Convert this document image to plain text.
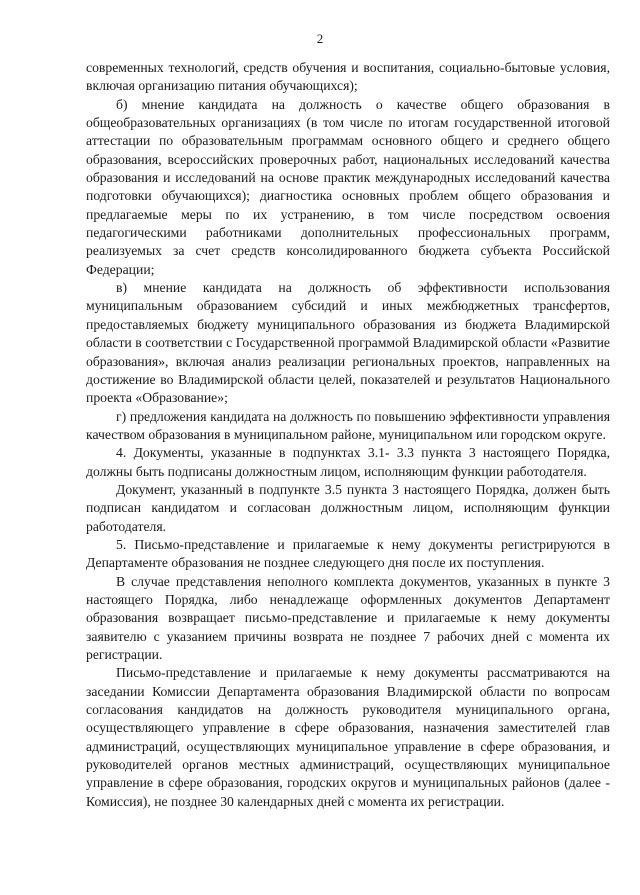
2

современных технологий, средств обучения и воспитания, социально-бытовые условия, включая организацию питания обучающихся);

б) мнение кандидата на должность о качестве общего образования в общеобразовательных организациях (в том числе по итогам государственной итоговой аттестации по образовательным программам основного общего и среднего общего образования, всероссийских проверочных работ, национальных исследований качества образования и исследований на основе практик международных исследований качества подготовки обучающихся); диагностика основных проблем общего образования и предлагаемые меры по их устранению, в том числе посредством освоения педагогическими работниками дополнительных профессиональных программ, реализуемых за счет средств консолидированного бюджета субъекта Российской Федерации;

в) мнение кандидата на должность об эффективности использования муниципальным образованием субсидий и иных межбюджетных трансфертов, предоставляемых бюджету муниципального образования из бюджета Владимирской области в соответствии с Государственной программой Владимирской области «Развитие образования», включая анализ реализации региональных проектов, направленных на достижение во Владимирской области целей, показателей и результатов Национального проекта «Образование»;

г) предложения кандидата на должность по повышению эффективности управления качеством образования в муниципальном районе, муниципальном или городском округе.

4. Документы, указанные в подпунктах 3.1- 3.3 пункта 3 настоящего Порядка, должны быть подписаны должностным лицом, исполняющим функции работодателя.

Документ, указанный в подпункте 3.5 пункта 3 настоящего Порядка, должен быть подписан кандидатом и согласован должностным лицом, исполняющим функции работодателя.

5. Письмо-представление и прилагаемые к нему документы регистрируются в Департаменте образования не позднее следующего дня после их поступления.

В случае представления неполного комплекта документов, указанных в пункте 3 настоящего Порядка, либо ненадлежаще оформленных документов Департамент образования возвращает письмо-представление и прилагаемые к нему документы заявителю с указанием причины возврата не позднее 7 рабочих дней с момента их регистрации.

Письмо-представление и прилагаемые к нему документы рассматриваются на заседании Комиссии Департамента образования Владимирской области по вопросам согласования кандидатов на должность руководителя муниципального органа, осуществляющего управление в сфере образования, назначения заместителей глав администраций, осуществляющих муниципальное управление в сфере образования, и руководителей органов местных администраций, осуществляющих муниципальное управление в сфере образования, городских округов и муниципальных районов (далее - Комиссия), не позднее 30 календарных дней с момента их регистрации.
